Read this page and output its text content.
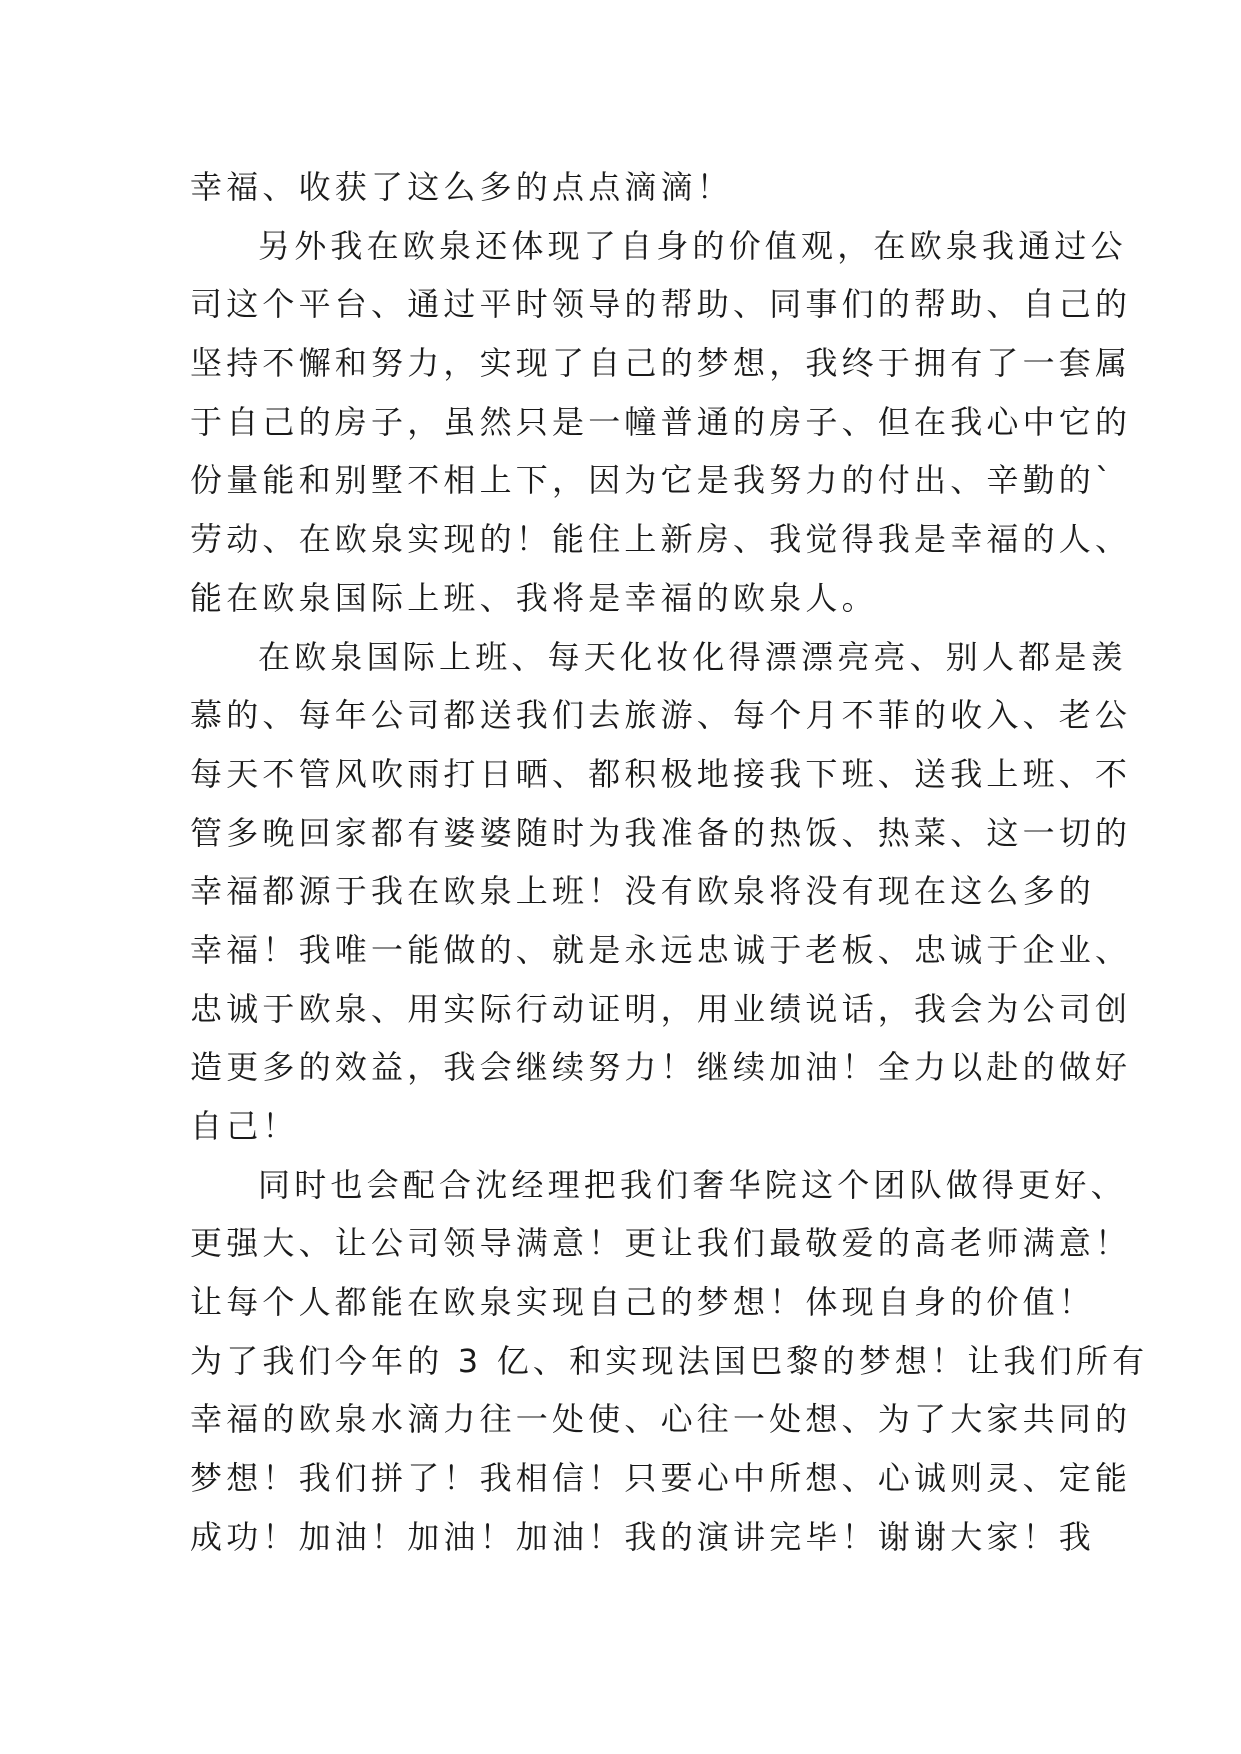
幸福、收获了这么多的点点滴滴！
另外我在欧泉还体现了自身的价值观，在欧泉我通过公
司这个平台、通过平时领导的帮助、同事们的帮助、自己的
坚持不懈和努力，实现了自己的梦想，我终于拥有了一套属
于自己的房子，虽然只是一幢普通的房子、但在我心中它的
份量能和别墅不相上下，因为它是我努力的付出、辛勤的`
劳动、在欧泉实现的！能住上新房、我觉得我是幸福的人、
能在欧泉国际上班、我将是幸福的欧泉人。
在欧泉国际上班、每天化妆化得漂漂亮亮、别人都是羡
慕的、每年公司都送我们去旅游、每个月不菲的收入、老公
每天不管风吹雨打日晒、都积极地接我下班、送我上班、不
管多晚回家都有婆婆随时为我准备的热饭、热菜、这一切的
幸福都源于我在欧泉上班！没有欧泉将没有现在这么多的
幸福！我唯一能做的、就是永远忠诚于老板、忠诚于企业、
忠诚于欧泉、用实际行动证明，用业绩说话，我会为公司创
造更多的效益，我会继续努力！继续加油！全力以赴的做好
自己！
同时也会配合沈经理把我们奢华院这个团队做得更好、
更强大、让公司领导满意！更让我们最敬爱的高老师满意！
让每个人都能在欧泉实现自己的梦想！体现自身的价值！
为了我们今年的 3 亿、和实现法国巴黎的梦想！让我们所有
幸福的欧泉水滴力往一处使、心往一处想、为了大家共同的
梦想！我们拼了！我相信！只要心中所想、心诚则灵、定能
成功！加油！加油！加油！我的演讲完毕！谢谢大家！我
